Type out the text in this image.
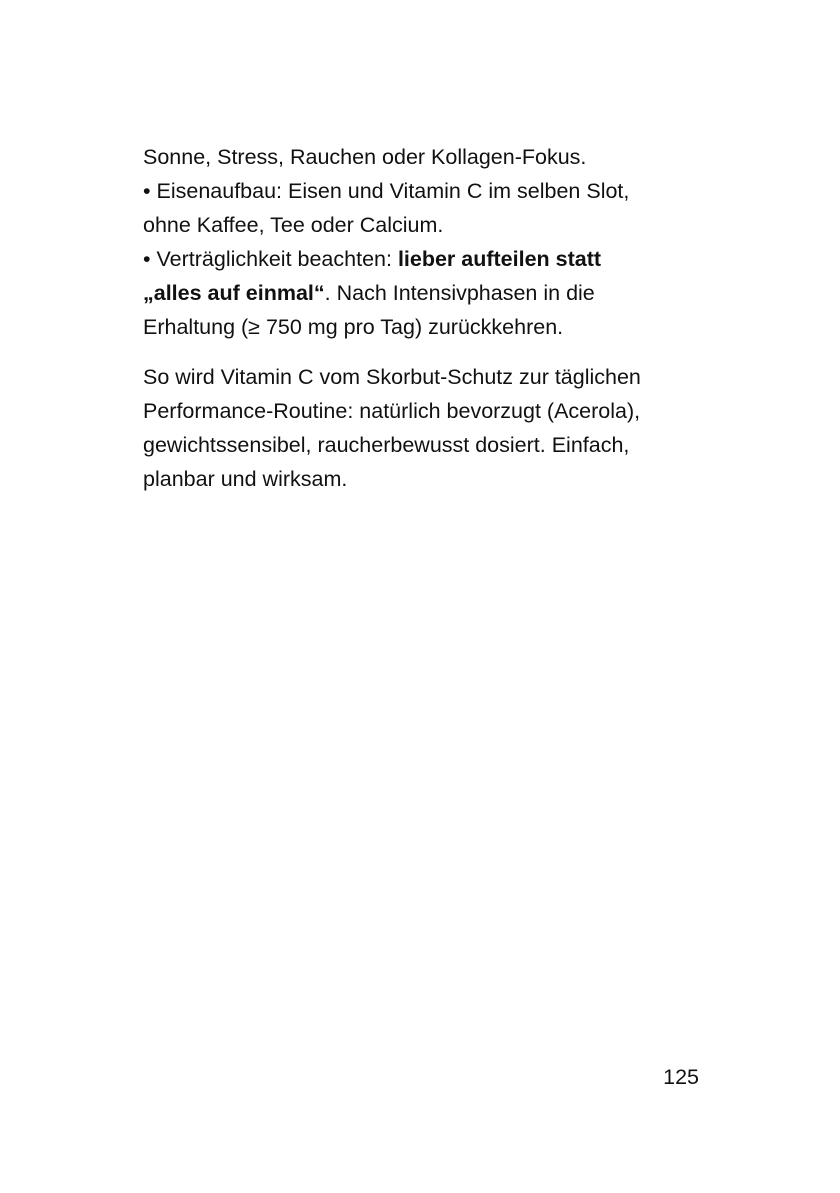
Sonne, Stress, Rauchen oder Kollagen-Fokus.
• Eisenaufbau: Eisen und Vitamin C im selben Slot,
ohne Kaffee, Tee oder Calcium.
• Verträglichkeit beachten: lieber aufteilen statt
„alles auf einmal“. Nach Intensivphasen in die
Erhaltung (≥ 750 mg pro Tag) zurückkehren.
So wird Vitamin C vom Skorbut-Schutz zur täglichen
Performance-Routine: natürlich bevorzugt (Acerola),
gewichtssensibel, raucherbewusst dosiert. Einfach,
planbar und wirksam.
125
